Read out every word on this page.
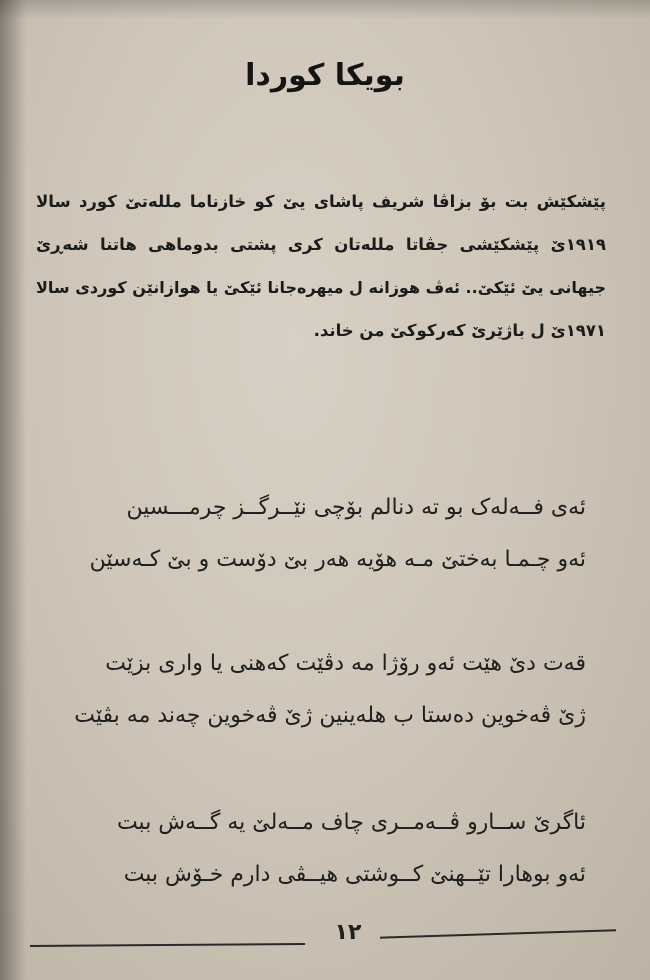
بویکا کوردا
پێشکێش بت بۆ بزاڤا شریف پاشای یێ کو خازناما ملله‌تێ کورد سالا
۱۹۱۹ێ پێشکێشی جڤاتا ملله‌تان کری پشتی بدوماهی هاتنا شه‌ڕێ
جیهانی یێ ئێکێ.. ئه‌ڤ هوزانه ل میهره‌جانا ئێکێ یا هوازانێن کوردی سالا
۱۹۷۱ێ ل باژێرێ که‌رکوکێ من خاند.
ئه‌ی فــه‌له‌ک بو ته دنالم بۆچی نێــرگــز چرمـــسین
ئه‌و چـمـا به‌ختێ مـه هۆیه هه‌ر بێ دۆست و بێ کـه‌سێن
قه‌ت دێ هێت ئه‌و رۆژا مه دڤێت که‌هنی یا واری بزێت
ژێ ڤه‌خوین ده‌ستا ب هله‌ینین ژێ ڤه‌خوین چه‌ند مه بڤێت
ئاگرێ ســارو ڤــه‌مــری چاف مــه‌لێ یه گــه‌ش ببت
ئه‌و بوهارا تێــهنێ کــوشتی هیــڤی دارم خـۆش ببت
١٢
